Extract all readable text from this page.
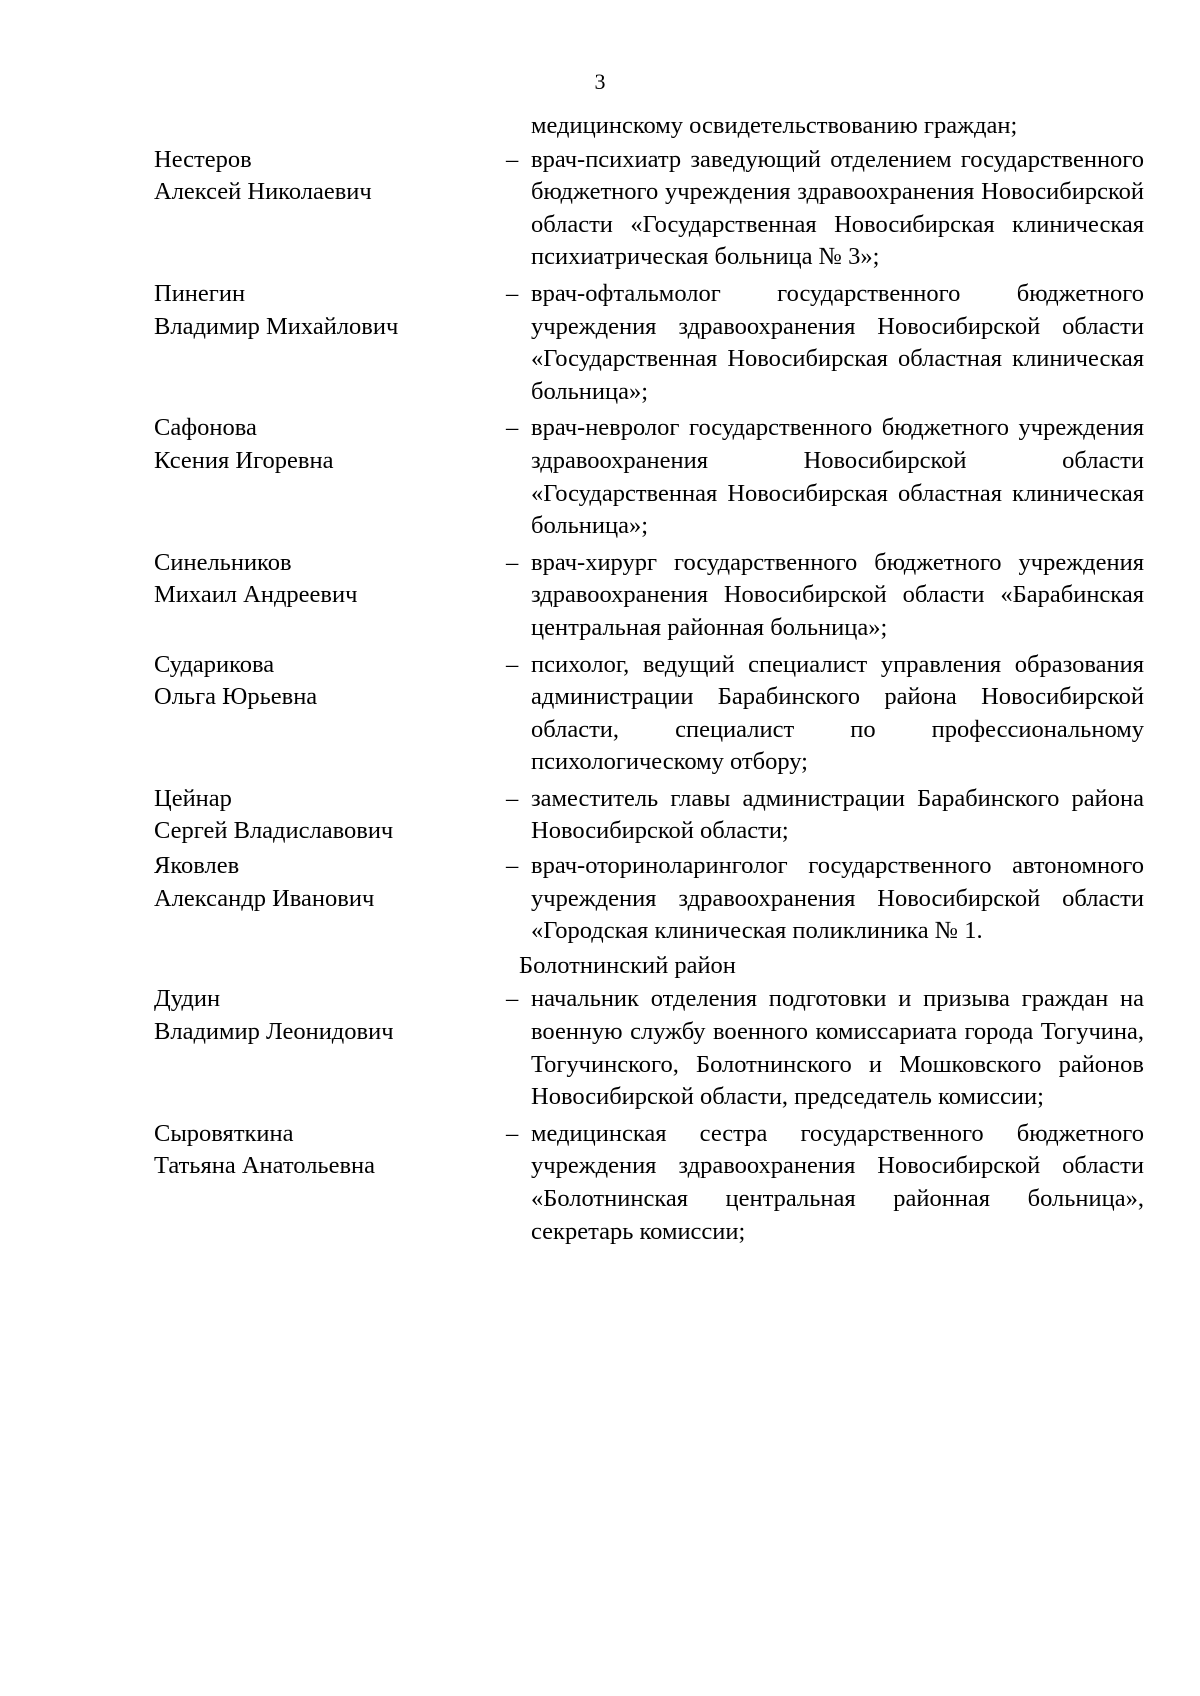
3
медицинскому освидетельствованию граждан;
Нестеров
Алексей Николаевич
– врач-психиатр заведующий отделением государственного бюджетного учреждения здравоохранения Новосибирской области «Государственная Новосибирская клиническая психиатрическая больница № 3»;
Пинегин
Владимир Михайлович
– врач-офтальмолог государственного бюджетного учреждения здравоохранения Новосибирской области «Государственная Новосибирская областная клиническая больница»;
Сафонова
Ксения Игоревна
– врач-невролог государственного бюджетного учреждения здравоохранения Новосибирской области «Государственная Новосибирская областная клиническая больница»;
Синельников
Михаил Андреевич
– врач-хирург государственного бюджетного учреждения здравоохранения Новосибирской области «Барабинская центральная районная больница»;
Сударикова
Ольга Юрьевна
– психолог, ведущий специалист управления образования администрации Барабинского района Новосибирской области, специалист по профессиональному психологическому отбору;
Цейнар
Сергей Владиславович
– заместитель главы администрации Барабинского района Новосибирской области;
Яковлев
Александр Иванович
– врач-оториноларинголог государственного автономного учреждения здравоохранения Новосибирской области «Городская клиническая поликлиника № 1.
Болотнинский район
Дудин
Владимир Леонидович
– начальник отделения подготовки и призыва граждан на военную службу военного комиссариата города Тогучина, Тогучинского, Болотнинского и Мошковского районов Новосибирской области, председатель комиссии;
Сыровяткина
Татьяна Анатольевна
– медицинская сестра государственного бюджетного учреждения здравоохранения Новосибирской области «Болотнинская центральная районная больница», секретарь комиссии;
